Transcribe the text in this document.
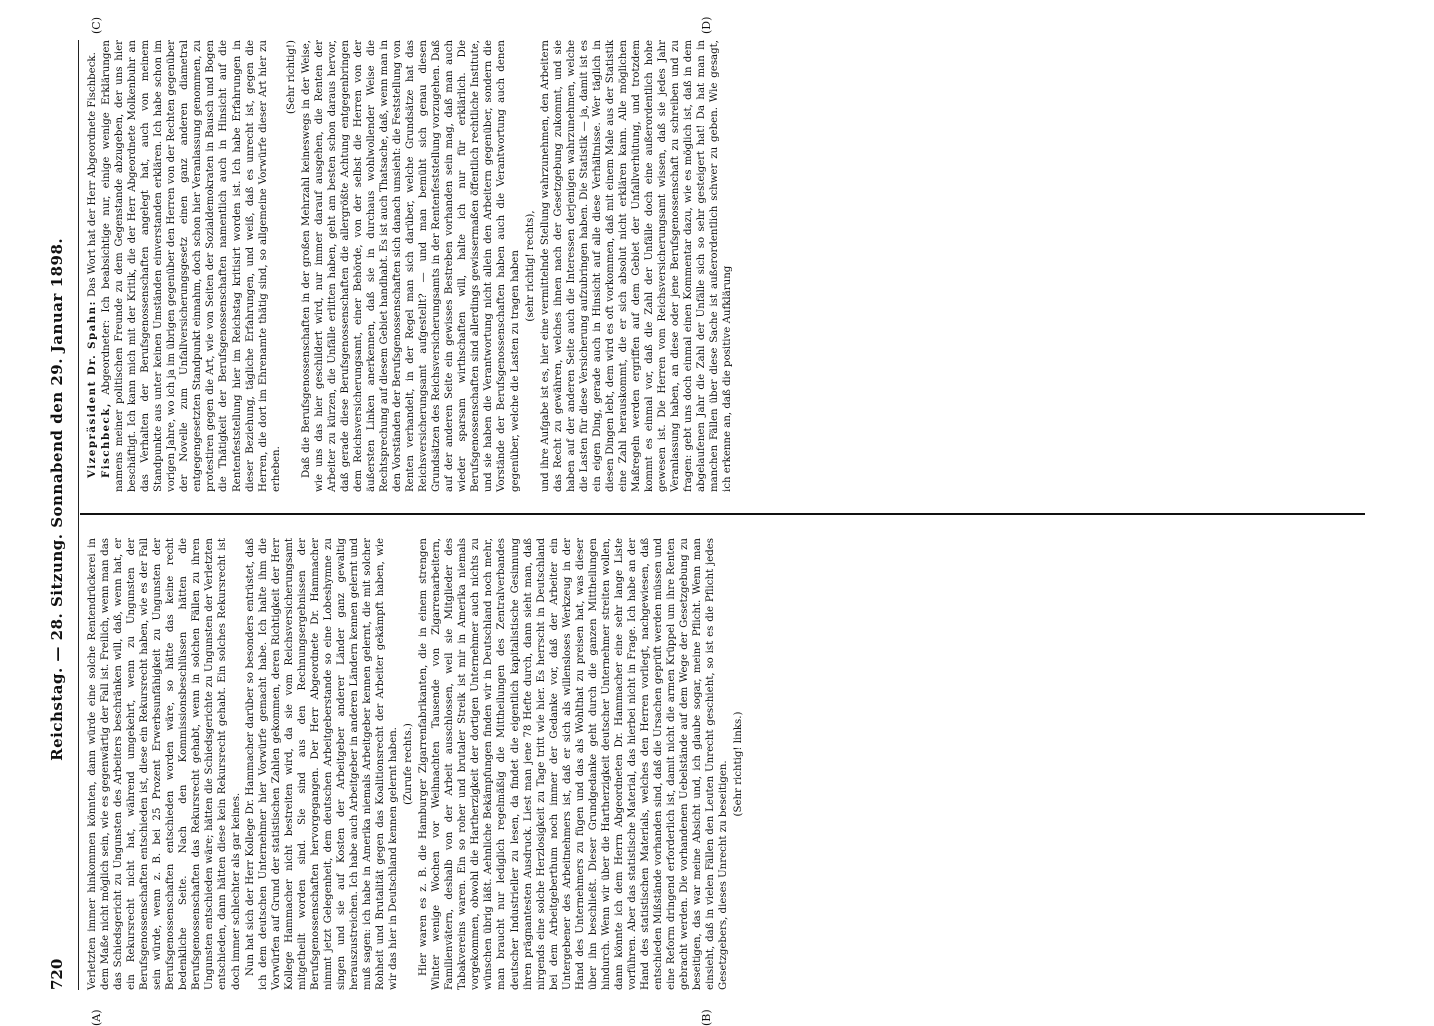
720
Reichstag. — 28. Sitzung. Sonnabend den 29. Januar 1898.
(A)	(B)
(C)	(D)

Verletzten immer hinkommen könnten, dann würde eine solche Rentendrückerei in dem Maße nicht möglich sein, wie es gegenwärtig der Fall ist. Freilich, wenn man das das Schiedsgericht zu Ungunsten des Arbeiters beschränken will, daß, wenn hat, er ein Rekursrecht nicht hat, während umgekehrt, wenn zu Ungunsten der Berufsgenossenschaften entschieden ist, diese ein Rekursrecht haben, wie es der Fall sein würde, wenn z. B. bei 25 Prozent Erwerbsunfähigkeit zu Ungunsten der Berufsgenossenschaften entschieden worden wäre, so hätte das keine recht bedenkliche Seite. Nach den Kommissionsbeschlüssen hätten die Berufsgenossenschaften das Rekursrecht gehabt, wenn in solchen Fällen zu ihren Ungunsten entschieden wäre; hätten die Schiedsgerichte zu Ungunsten der Verletzten entschieden, dann hätten diese kein Rekursrecht gehabt. Ein solches Rekursrecht ist doch immer schlechter als gar keines. Nun hat sich der Herr Kollege Dr. Hammacher darüber so besonders entrüstet, daß ich dem deutschen Unternehmer hier Vorwürfe gemacht habe. Ich halte ihm die Vorwürfen auf Grund der statistischen Zahlen gekommen, deren Richtigkeit der Herr Kollege Hammacher nicht bestreiten wird, da sie vom Reichsversicherungsamt mitgetheilt worden sind. Sie sind aus den Rechnungsergebnissen der Berufsgenossenschaften hervorgegangen. Der Herr Abgeordnete Dr. Hammacher nimmt jetzt Gelegenheit, dem deutschen Arbeitgeberstande so eine Lobeshymne zu singen und sie auf Kosten der Arbeitgeber anderer Länder ganz gewaltig herauszustreichen. Ich habe auch Arbeitgeber in anderen Ländern kennen gelernt und muß sagen: ich habe in Amerika niemals Arbeitgeber kennen gelernt, die mit solcher Rohheit und Brutalität gegen das Koalitionsrecht der Arbeiter gekämpft haben, wie wir das hier in Deutschland kennen gelernt haben. (Zurufe rechts.) Hier waren es z. B. die Hamburger Zigarrenfabrikanten, die in einem strengen Winter wenige Wochen vor Weihnachten Tausende von Zigarrenarbeitern, Familienvätern, deshalb von der Arbeit ausschlossen, weil sie Mitglieder des Tabakvereins waren. Ein so roher und brutaler Streik ist mir in Amerika niemals vorgekommen, obwohl die Hartherzigkeit der dortigen Unternehmer auch nichts zu wünschen übrig läßt. Aehnliche Bekämpfungen finden wir in Deutschland noch mehr, man braucht nur lediglich regelmäßig die Mittheilungen des Zentralverbandes deutscher Industrieller zu lesen, da findet die eigentlich kapitalistische Gesinnung ihren prägnantesten Ausdruck. Liest man jene 78 Hefte durch, dann sieht man, daß nirgends eine solche Herzlosigkeit zu Tage tritt wie hier. Es herrscht in Deutschland bei dem Arbeitgeberthum noch immer der Gedanke vor, daß der Arbeiter ein Untergebener des Arbeitnehmers ist, daß er sich als willensloses Werkzeug in der Hand des Unternehmers zu fügen und das als Wohlthat zu preisen hat, was dieser über ihn beschließt. Dieser Grundgedanke geht durch die ganzen Mittheilungen hindurch. Wenn wir über die Hartherzigkeit deutscher Unternehmer streiten wollen, dann könnte ich dem Herrn Abgeordneten Dr. Hammacher eine sehr lange Liste vorführen. Aber das statistische Material, das hierbei nicht in Frage. Ich habe an der Hand des statistischen Materials, welches den Herren vorliegt, nachgewiesen, daß entschieden Mißstände vorhanden sind, daß die Ursachen geprüft werden müssen und eine Reform dringend erforderlich ist, damit nicht die armen Krüppel um ihre Renten gebracht werden. Die vorhandenen Uebelstände auf dem Wege der Gesetzgebung zu beseitigen, das war meine Absicht und, ich glaube sogar, meine Pflicht. Wenn man einsieht, daß in vielen Fällen den Leuten Unrecht geschieht, so ist es die Pflicht jedes Gesetzgebers, dieses Unrecht zu beseitigen. (Sehr richtig! links.)

Vizepräsident Dr. Spahn: Das Wort hat der Herr Abgeordnete Fischbeck.

Fischbeck, Abgeordneter: Ich beabsichtige nur, einige wenige Erklärungen namens meiner politischen Freunde zu dem Gegenstande abzugeben, der uns hier beschäftigt. Ich kann mich mit der Kritik, die der Herr Abgeordnete Molkenbuhr an das Verhalten der Berufsgenossenschaften angelegt hat, auch von meinem Standpunkte aus unter keinen Umständen einverstanden erklären. Ich habe schon im vorigen Jahre, wo ich ja im übrigen gegenüber den Herren von der Rechten gegenüber der Novelle zum Unfallversicherungsgesetz einen ganz anderen diametral entgegengesetzten Standpunkt einnahm, doch schon hier Veranlassung genommen, zu protestiren gegen die Art, wie von Seiten der Sozialdemokraten in Bausch und Bogen die Thätigkeit der Berufsgenossenschaften namentlich auch in Hinsicht auf die Rentenfeststellung hier im Reichstag kritisirt worden ist. Ich habe Erfahrungen in dieser Beziehung, tägliche Erfahrungen, und weiß, daß es unrecht ist, gegen die Herren, die dort im Ehrenamte thätig sind, so allgemeine Vorwürfe dieser Art hier zu erheben.

(Sehr richtig!) Daß die Berufsgenossenschaften in der großen Mehrzahl keineswegs in der Weise, wie uns das hier geschildert wird, nur immer darauf ausgehen, die Renten der Arbeiter zu kürzen, die Unfälle erlitten haben, geht am besten schon daraus hervor, daß gerade diese Berufsgenossenschaften die allergrößte Achtung entgegenbringen dem Reichsversicherungsamt, einer Behörde, von der selbst die Herren von der äußersten Linken anerkennen, daß sie in durchaus wohlwollender Weise die Rechtsprechung auf diesem Gebiet handhabt. Es ist auch Thatsache, daß, wenn man in den Vorständen der Berufsgenossenschaften sich danach umsieht: die Feststellung von Renten verhandelt, in der Regel man sich darüber, welche Grundsätze hat das Reichsversicherungsamt aufgestellt? — und man bemüht sich genau diesen Grundsätzen des Reichsversicherungsamts in der Rentenfeststellung vorzugehen. Daß auf der anderen Seite ein gewisses Bestreben vorhanden sein mag, daß man auch wieder sparsam wirthschaften will, halte ich nur für erklärlich. Die Berufsgenossenschaften sind allerdings gewissermaßen öffentlich rechtliche Institute, und sie haben die Verantwortung nicht allein den Arbeitern gegenüber, sondern die Vorstände der Berufsgenossenschaften haben auch die Verantwortung auch denen gegenüber, welche die Lasten zu tragen haben (sehr richtig! rechts), und ihre Aufgabe ist es, hier eine vermittelnde Stellung wahrzunehmen, den Arbeitern das Recht zu gewähren, welches ihnen nach der Gesetzgebung zukommt, und sie haben auf der anderen Seite auch die Interessen derjenigen wahrzunehmen, welche die Lasten für diese Versicherung aufzubringen haben. Die Statistik — ja, damit ist es ein eigen Ding, gerade auch in Hinsicht auf alle diese Verhältnisse. Wer täglich in diesen Dingen lebt, dem wird es oft vorkommen, daß mit einem Male aus der Statistik eine Zahl herauskommt, die er sich absolut nicht erklären kann. Alle möglichen Maßregeln werden ergriffen auf dem Gebiet der Unfallverhütung, und trotzdem kommt es einmal vor, daß die Zahl der Unfälle doch eine außerordentlich hohe gewesen ist. Die Herren vom Reichsversicherungsamt wissen, daß sie jedes Jahr Veranlassung haben, an diese oder jene Berufsgenossenschaft zu schreiben und zu fragen: gebt uns doch einmal einen Kommentar dazu, wie es möglich ist, daß in dem abgelaufenen Jahr die Zahl der Unfälle sich so sehr gesteigert hat! Da hat man in manchen Fällen über diese Sache ist außerordentlich schwer zu geben. Wie gesagt, ich erkenne an, daß die positive Aufklärung
